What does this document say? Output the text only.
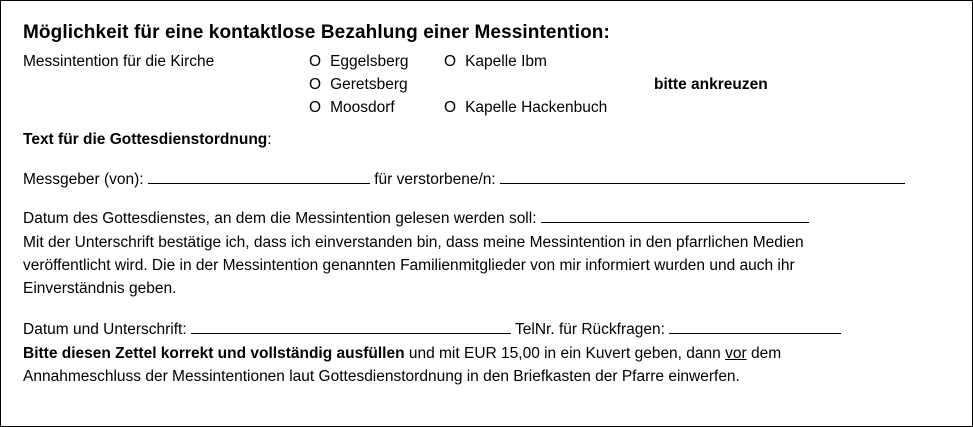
Möglichkeit für eine kontaktlose Bezahlung einer Messintention:
Messintention für die Kirche	O Eggelsberg O Kapelle Ibm
O Geretsberg	bitte ankreuzen
O Moosdorf	O Kapelle Hackenbuch
Text für die Gottesdienstordnung:
Messgeber (von):	für verstorbene/n:
Datum des Gottesdienstes, an dem die Messintention gelesen werden soll:
Mit der Unterschrift bestätige ich, dass ich einverstanden bin, dass meine Messintention in den pfarrlichen Medien
veröffentlicht wird. Die in der Messintention genannten Familienmitglieder von mir informiert wurden und auch ihr
Einverständnis geben.
Datum und Unterschrift:	TelNr. für Rückfragen:
Bitte diesen Zettel korrekt und vollständig ausfüllen und mit EUR 15,00 in ein Kuvert geben, dann vor dem
Annahmeschluss der Messintentionen laut Gottesdienstordnung in den Briefkasten der Pfarre einwerfen.
